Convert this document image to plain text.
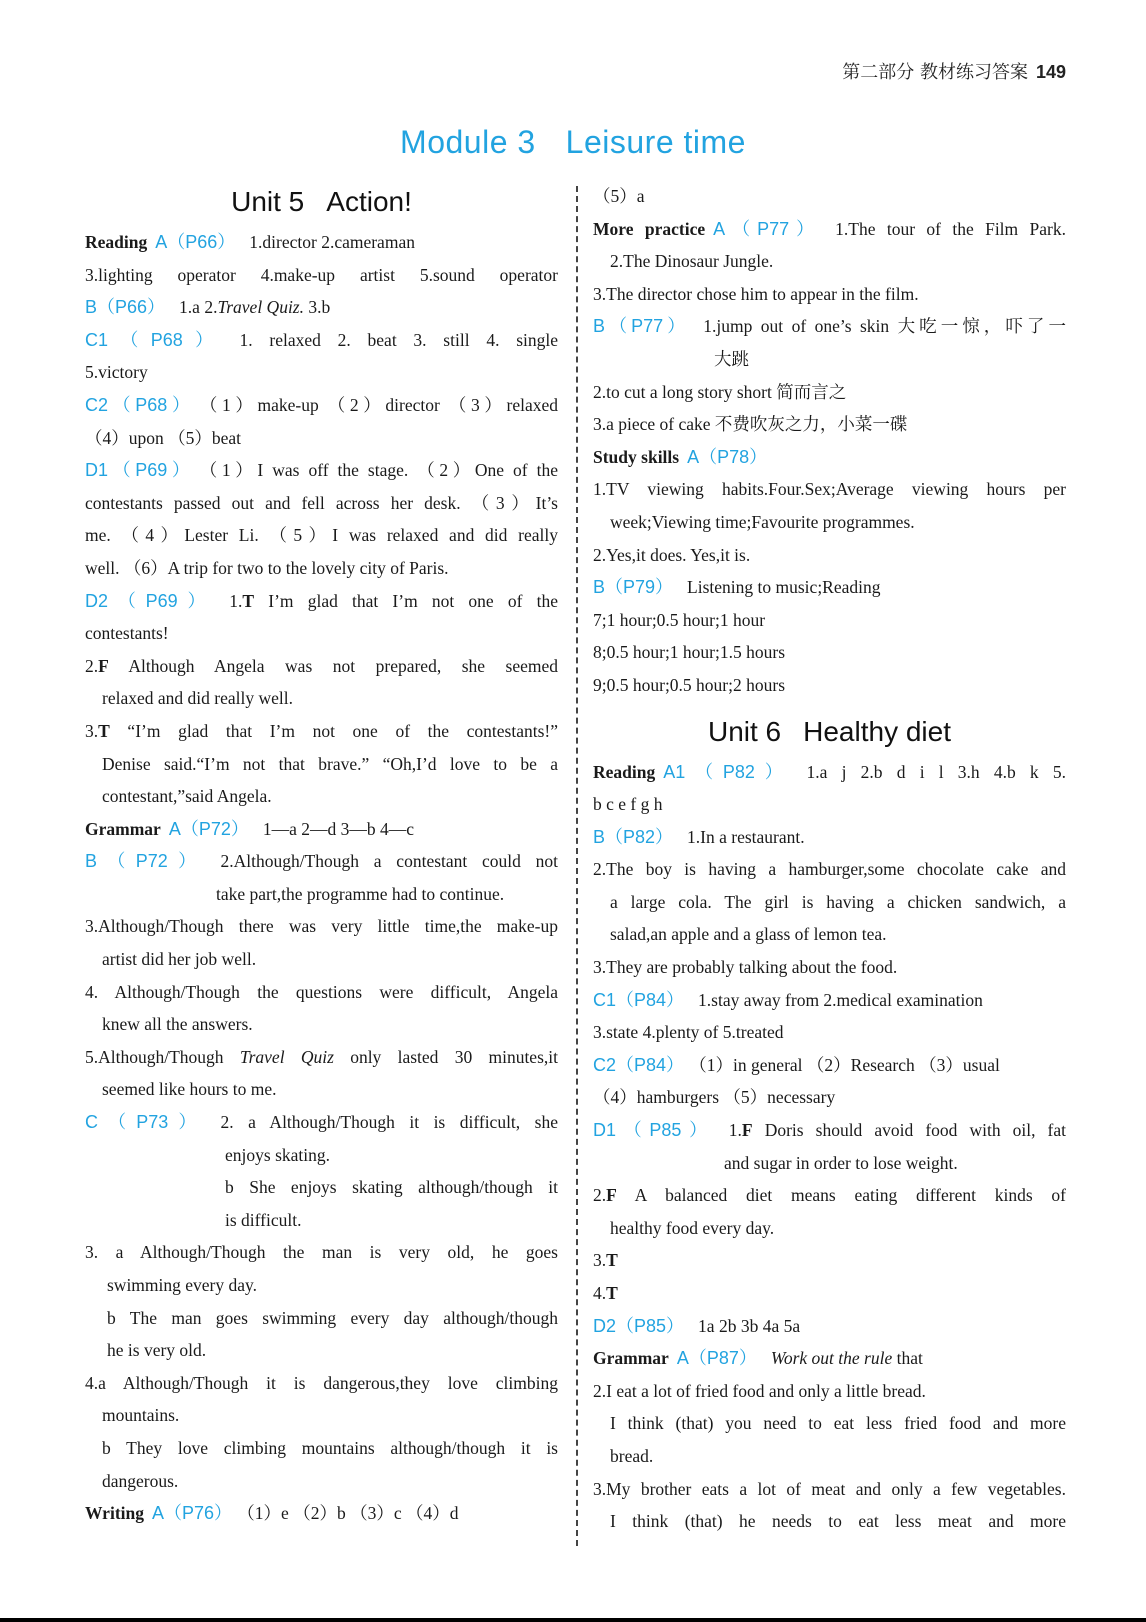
第二部分 教材练习答案 149
Module 3 Leisure time
Unit 5 Action!
Reading A（P66） 1.director 2.cameraman
3.lighting operator 4.make-up artist 5.sound operator
B（P66） 1.a 2.Travel Quiz. 3.b
C1（P68） 1. relaxed 2. beat 3. still 4. single
5.victory
C2（P68） （1）make-up （2）director （3）relaxed
（4）upon （5）beat
D1（P69） （1）I was off the stage. （2）One of the
contestants passed out and fell across her desk. （3）It’s
me. （4）Lester Li. （5）I was relaxed and did really
well. （6）A trip for two to the lovely city of Paris.
D2（P69） 1.T I’m glad that I’m not one of the
contestants!
2.F Although Angela was not prepared, she seemed
relaxed and did really well.
3.T “I’m glad that I’m not one of the contestants!”
Denise said.“I’m not that brave.” “Oh,I’d love to be a
contestant,”said Angela.
Grammar A（P72） 1—a 2—d 3—b 4—c
B（P72） 2.Although/Though a contestant could not
take part,the programme had to continue.
3.Although/Though there was very little time,the make-up
artist did her job well.
4. Although/Though the questions were difficult, Angela
knew all the answers.
5.Although/Though Travel Quiz only lasted 30 minutes,it
seemed like hours to me.
C（P73） 2. a Although/Though it is difficult, she
enjoys skating.
b She enjoys skating although/though it
is difficult.
3. a Although/Though the man is very old, he goes
swimming every day.
b The man goes swimming every day although/though
he is very old.
4.a Although/Though it is dangerous,they love climbing
mountains.
b They love climbing mountains although/though it is
dangerous.
Writing A（P76） （1）e （2）b （3）c （4）d
（5）a
More practice A（P77） 1.The tour of the Film Park.
2.The Dinosaur Jungle.
3.The director chose him to appear in the film.
B（P77） 1.jump out of one’s skin 大吃一惊，吓了一
大跳
2.to cut a long story short 简而言之
3.a piece of cake 不费吹灰之力，小菜一碟
Study skills A（P78）
1.TV viewing habits.Four.Sex;Average viewing hours per
week;Viewing time;Favourite programmes.
2.Yes,it does. Yes,it is.
B（P79） Listening to music;Reading
7;1 hour;0.5 hour;1 hour
8;0.5 hour;1 hour;1.5 hours
9;0.5 hour;0.5 hour;2 hours
Unit 6 Healthy diet
Reading A1（P82） 1.a j 2.b d i l 3.h 4.b k 5.
b c e f g h
B（P82） 1.In a restaurant.
2.The boy is having a hamburger,some chocolate cake and
a large cola. The girl is having a chicken sandwich, a
salad,an apple and a glass of lemon tea.
3.They are probably talking about the food.
C1（P84） 1.stay away from 2.medical examination
3.state 4.plenty of 5.treated
C2（P84） （1）in general （2）Research （3）usual
（4）hamburgers （5）necessary
D1（P85） 1.F Doris should avoid food with oil, fat
and sugar in order to lose weight.
2.F A balanced diet means eating different kinds of
healthy food every day.
3.T
4.T
D2（P85） 1a 2b 3b 4a 5a
Grammar A（P87） Work out the rule that
2.I eat a lot of fried food and only a little bread.
I think (that) you need to eat less fried food and more
bread.
3.My brother eats a lot of meat and only a few vegetables.
I think (that) he needs to eat less meat and more
